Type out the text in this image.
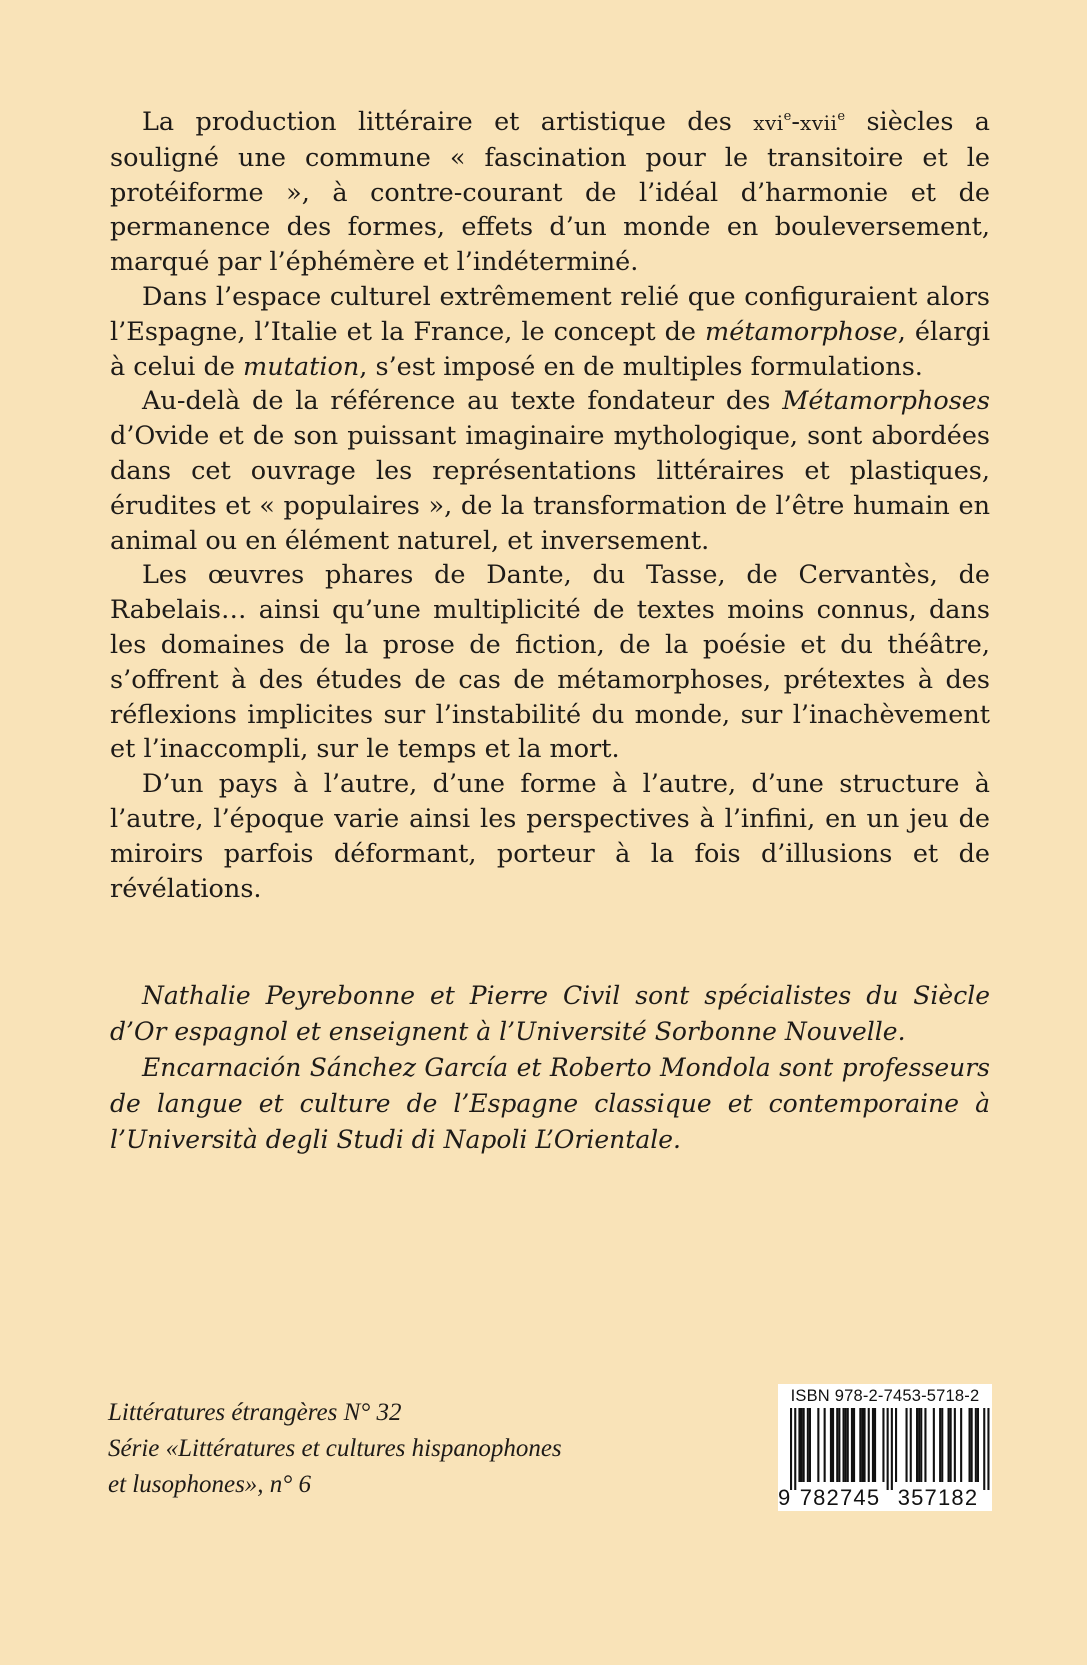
La production littéraire et artistique des xvi$^e$-xvii$^e$ siècles a souligné une commune « fascination pour le transitoire et le protéiforme », à contre-courant de l’idéal d’harmonie et de permanence des formes, effets d’un monde en bouleversement, marqué par l’éphémère et l’indéterminé.

Dans l’espace culturel extrêmement relié que configuraient alors l’Espagne, l’Italie et la France, le concept de métamorphose, élargi à celui de mutation, s’est imposé en de multiples formulations.

Au-delà de la référence au texte fondateur des Métamorphoses d’Ovide et de son puissant imaginaire mythologique, sont abordées dans cet ouvrage les représentations littéraires et plastiques, érudites et « populaires », de la transformation de l’être humain en animal ou en élément naturel, et inversement.

Les œuvres phares de Dante, du Tasse, de Cervantès, de Rabelais… ainsi qu’une multiplicité de textes moins connus, dans les domaines de la prose de fiction, de la poésie et du théâtre, s’offrent à des études de cas de métamorphoses, prétextes à des réflexions implicites sur l’instabilité du monde, sur l’inachèvement et l’inaccompli, sur le temps et la mort.

D’un pays à l’autre, d’une forme à l’autre, d’une structure à l’autre, l’époque varie ainsi les perspectives à l’infini, en un jeu de miroirs parfois déformant, porteur à la fois d’illusions et de révélations.

Nathalie Peyrebonne et Pierre Civil sont spécialistes du Siècle d’Or espagnol et enseignent à l’Université Sorbonne Nouvelle.

Encarnación Sánchez García et Roberto Mondola sont professeurs de langue et culture de l’Espagne classique et contemporaine à l’Università degli Studi di Napoli L’Orientale.

Littératures étrangères N° 32
Série «Littératures et cultures hispanophones
et lusophones», n° 6
ISBN 978-2-7453-5718-2
9 782745 357182
